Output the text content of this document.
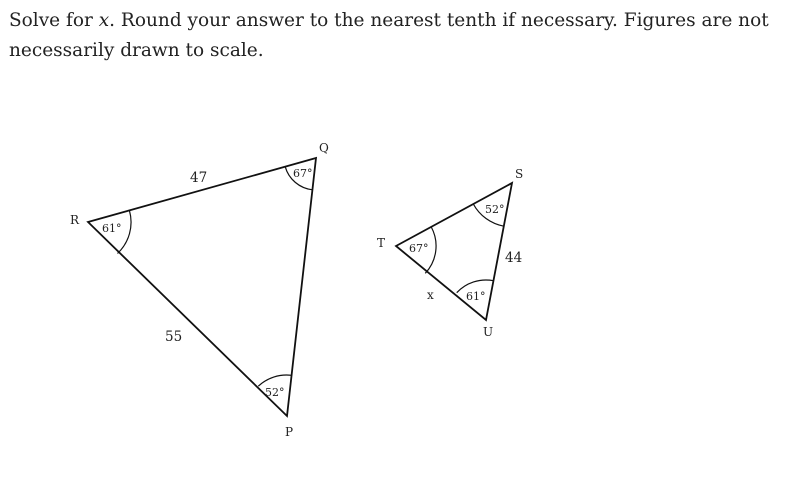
Solve for x. Round your answer to the nearest tenth if necessary. Figures are not necessarily drawn to scale.

R
Q
P
47
55
61°
67°
52°
T
S
U
44
x
67°
52°
61°
